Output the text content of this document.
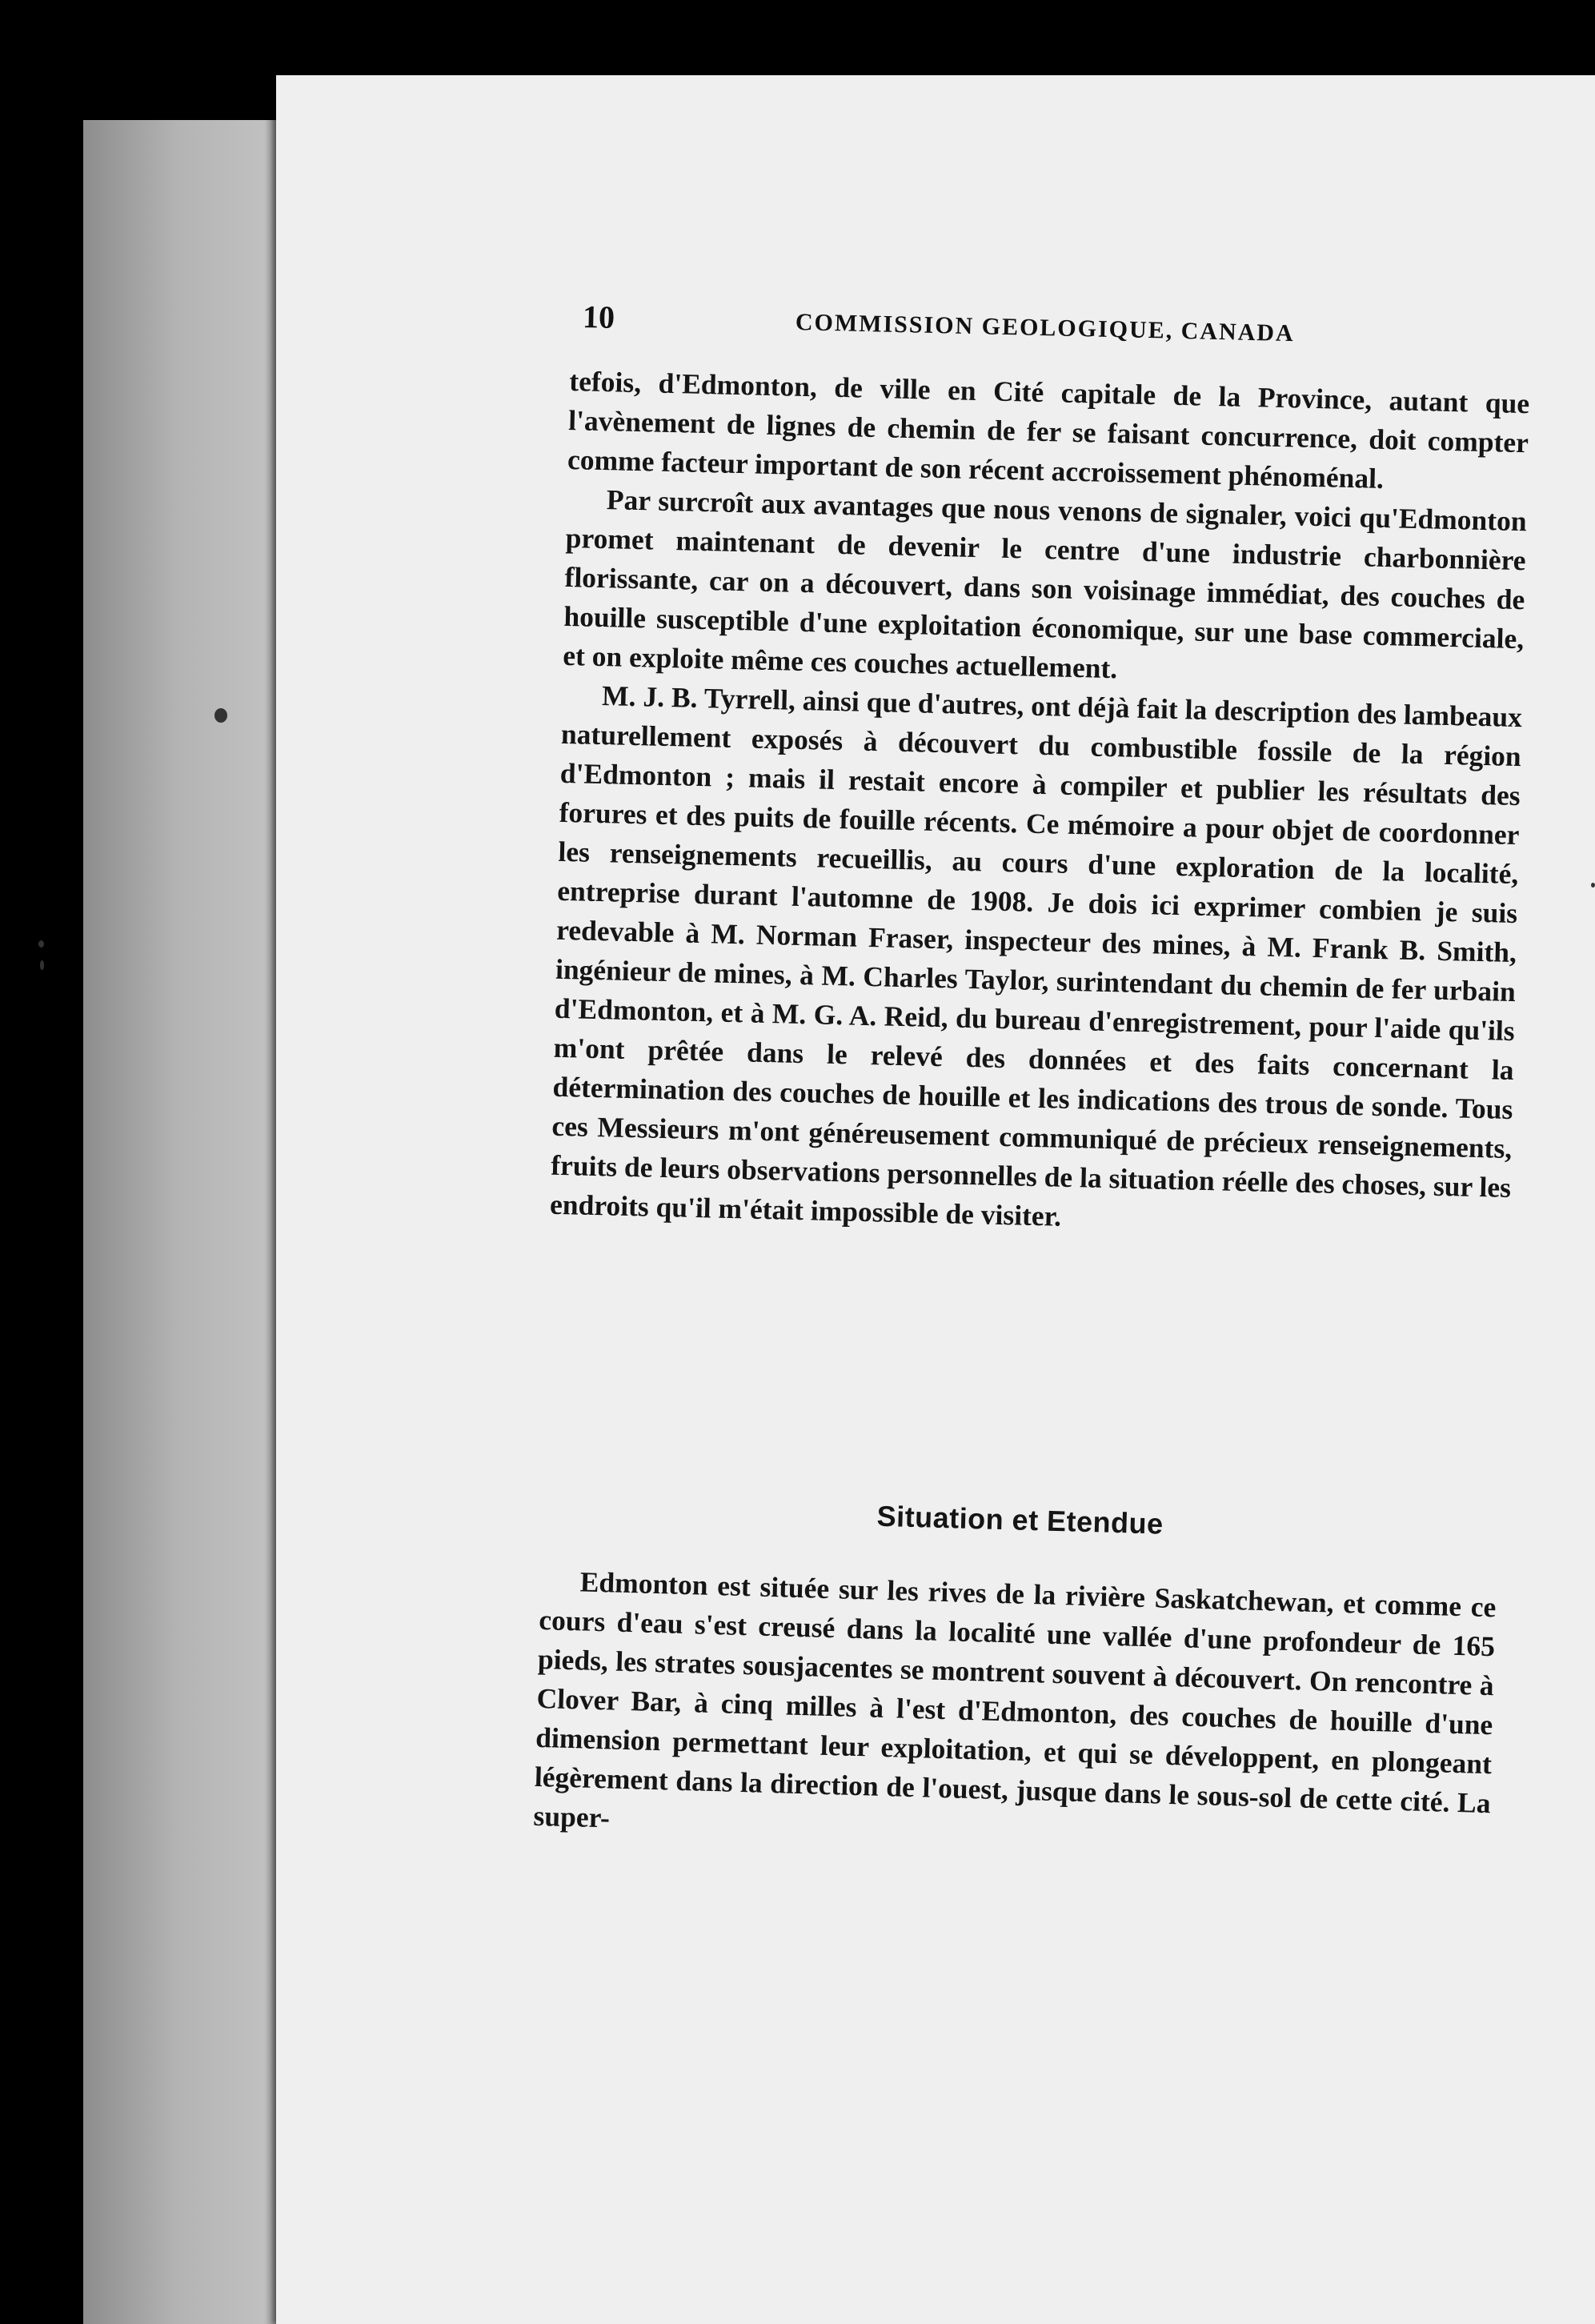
10	COMMISSION GEOLOGIQUE, CANADA

tefois, d'Edmonton, de ville en Cité capitale de la Province, autant que l'avènement de lignes de chemin de fer se faisant concurrence, doit compter comme facteur important de son récent accroissement phénoménal.

Par surcroît aux avantages que nous venons de signaler, voici qu'Edmonton promet maintenant de devenir le centre d'une industrie charbonnière florissante, car on a découvert, dans son voisinage immédiat, des couches de houille susceptible d'une exploitation économique, sur une base commerciale, et on exploite même ces couches actuellement.

M. J. B. Tyrrell, ainsi que d'autres, ont déjà fait la description des lambeaux naturellement exposés à découvert du combustible fossile de la région d'Edmonton ; mais il restait encore à compiler et publier les résultats des forures et des puits de fouille récents. Ce mémoire a pour objet de coordonner les renseignements recueillis, au cours d'une exploration de la localité, entreprise durant l'automne de 1908. Je dois ici exprimer combien je suis redevable à M. Norman Fraser, inspecteur des mines, à M. Frank B. Smith, ingénieur de mines, à M. Charles Taylor, surintendant du chemin de fer urbain d'Edmonton, et à M. G. A. Reid, du bureau d'enregistrement, pour l'aide qu'ils m'ont prêtée dans le relevé des données et des faits concernant la détermination des couches de houille et les indications des trous de sonde. Tous ces Messieurs m'ont généreusement communiqué de précieux renseignements, fruits de leurs observations personnelles de la situation réelle des choses, sur les endroits qu'il m'était impossible de visiter.

Situation et Etendue

Edmonton est située sur les rives de la rivière Saskatchewan, et comme ce cours d'eau s'est creusé dans la localité une vallée d'une profondeur de 165 pieds, les strates sousjacentes se montrent souvent à découvert. On rencontre à Clover Bar, à cinq milles à l'est d'Edmonton, des couches de houille d'une dimension permettant leur exploitation, et qui se développent, en plongeant légèrement dans la direction de l'ouest, jusque dans le sous-sol de cette cité. La super-
